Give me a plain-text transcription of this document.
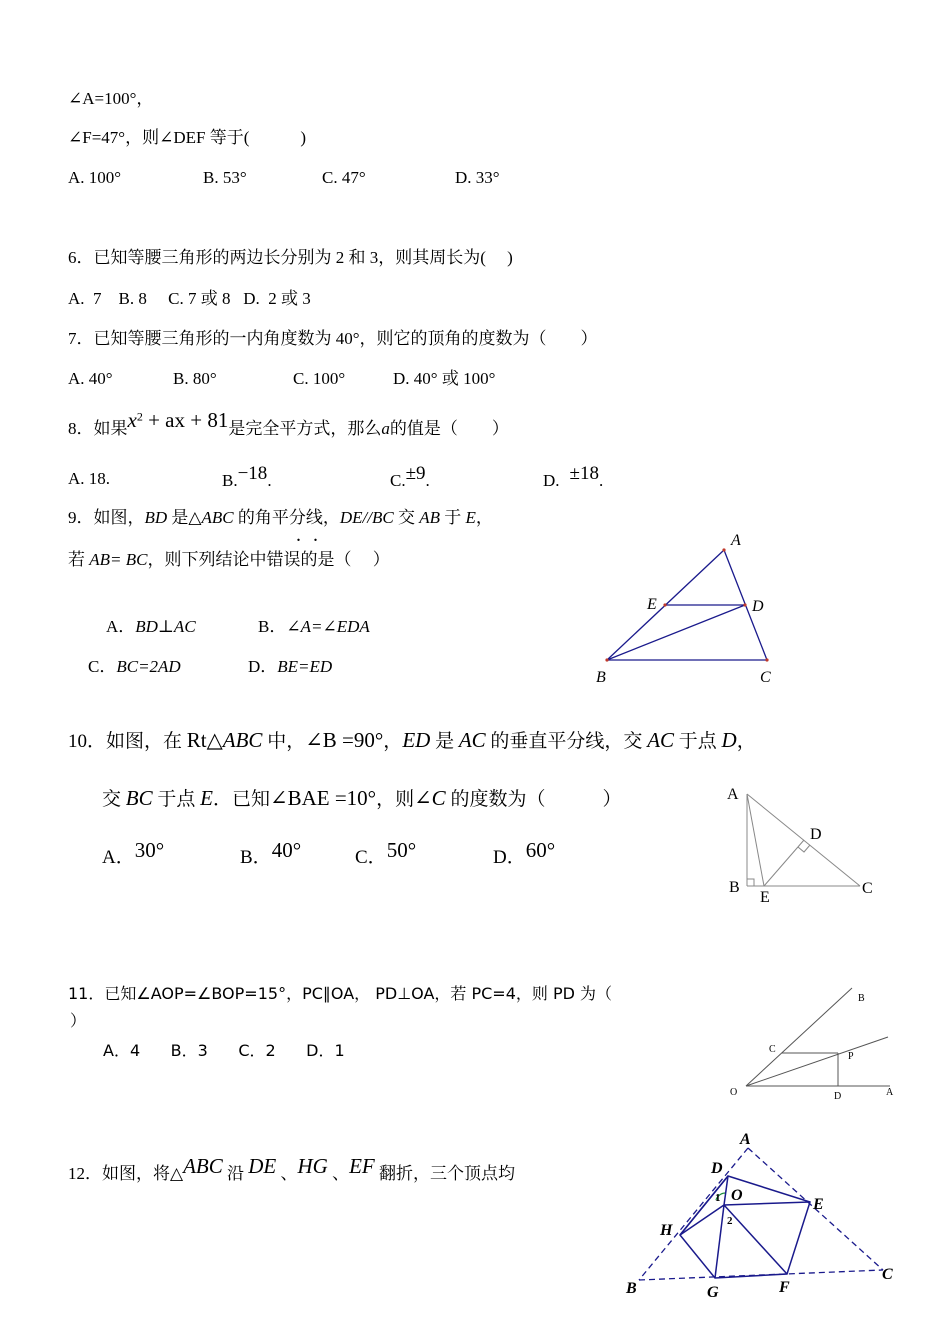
∠A=100°，
∠F=47°，则∠DEF 等于(　　　)
A. 100°	B. 53°	C. 47°	D. 33°
6．已知等腰三角形的两边长分别为 2 和 3，则其周长为(　 )
A.  7    B. 8     C. 7 或 8   D.  2 或 3
7．已知等腰三角形的一内角度数为 40°，则它的顶角的度数为（　　）
A. 40°	B. 80°	C. 100°	D. 40° 或 100°
8．如果$x^2$ + ax + 81是完全平方式，那么a的值是（　　）
A. 18.	B.−18.	C.±9.	D. ±18.
9．如图，BD 是△ABC 的角平分线，DE//BC 交 AB 于 E，
..
若 AB= BC，则下列结论中错误的是（　 ）
A．BD⊥AC	B．∠A=∠EDA
C．BC=2AD	D．BE=ED
A
E	D
B	C
10．如图，在 Rt△ABC 中，∠B =90°，ED 是 AC 的垂直平分线，交 AC 于点 D，
交 BC 于点 E．已知∠BAE =10°，则∠C 的度数为（　　　）
A．30°	B．40°	C．50°	D．60°
A
D
B
E
C
11．已知∠AOP=∠BOP=15°，PC∥OA， PD⊥OA，若 PC=4，则 PD 为（
）
A．4      B．3      C．2      D．1
O	A
B
C
P
D
12．如图，将△ABC 沿 DE 、HG 、EF 翻折，三个顶点均
A
D
O
E
H
B	G	F
C
1
2
